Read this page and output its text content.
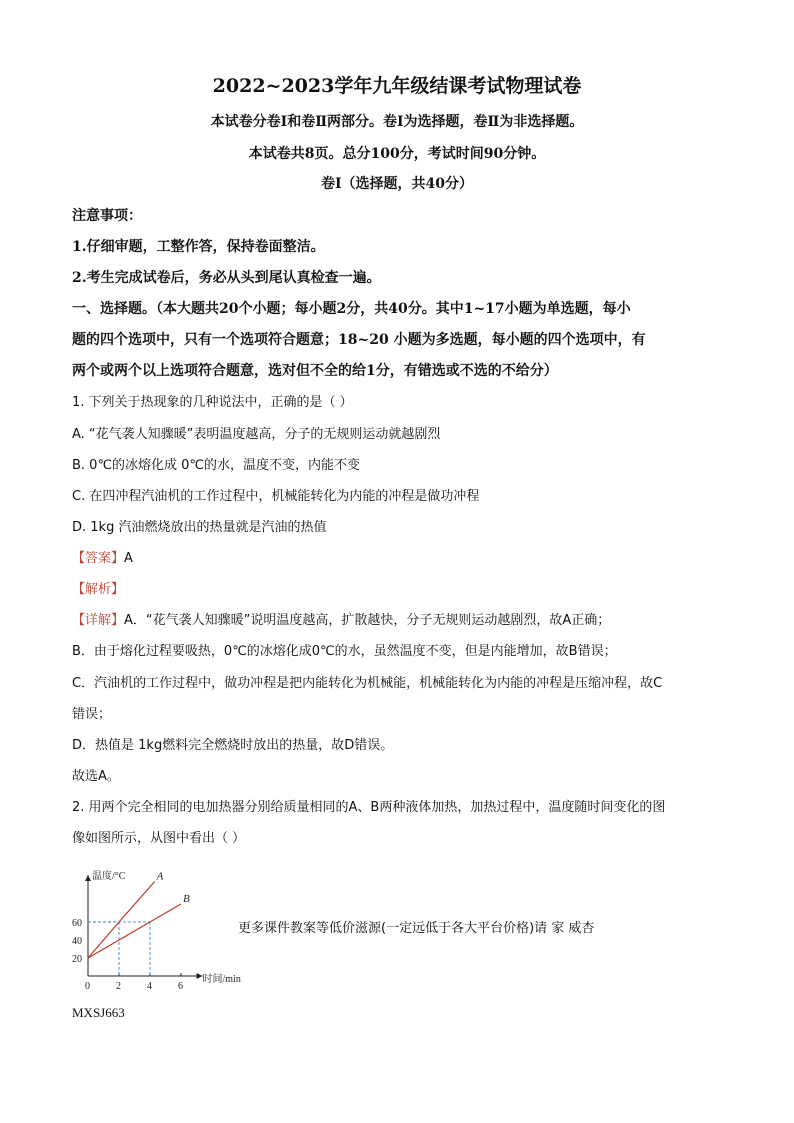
2022~2023学年九年级结课考试物理试卷
本试卷分卷Ⅰ和卷Ⅱ两部分。卷Ⅰ为选择题，卷Ⅱ为非选择题。
本试卷共8页。总分100分，考试时间90分钟。
卷Ⅰ（选择题，共40分）
注意事项：
1.仔细审题，工整作答，保持卷面整洁。
2.考生完成试卷后，务必从头到尾认真检查一遍。
一、选择题。（本大题共20个小题；每小题2分，共40分。其中1~17小题为单选题，每小
题的四个选项中，只有一个选项符合题意；18~20 小题为多选题，每小题的四个选项中，有
两个或两个以上选项符合题意，选对但不全的给1分，有错选或不选的不给分）
1. 下列关于热现象的几种说法中，正确的是（ ）
A. “花气袭人知骤暖”表明温度越高，分子的无规则运动就越剧烈
B. 0℃的冰熔化成 0℃的水，温度不变，内能不变
C. 在四冲程汽油机的工作过程中，机械能转化为内能的冲程是做功冲程
D. 1kg 汽油燃烧放出的热量就是汽油的热值
【答案】A
【解析】
【详解】A．“花气袭人知骤暖”说明温度越高，扩散越快，分子无规则运动越剧烈，故A正确；
B．由于熔化过程要吸热，0℃的冰熔化成0℃的水，虽然温度不变，但是内能增加，故B错误；
C．汽油机的工作过程中，做功冲程是把内能转化为机械能，机械能转化为内能的冲程是压缩冲程，故C
错误；
D．热值是 1kg燃料完全燃烧时放出的热量，故D错误。
故选A。
2. 用两个完全相同的电加热器分别给质量相同的A、B两种液体加热，加热过程中，温度随时间变化的图
像如图所示，从图中看出（ ）
时间/min
温度/°C
0	2	4	6
20
40
60
A
B
更多课件教案等低价滋源(一定远低于各大平台价格)请 家 威杏
MXSJ663
